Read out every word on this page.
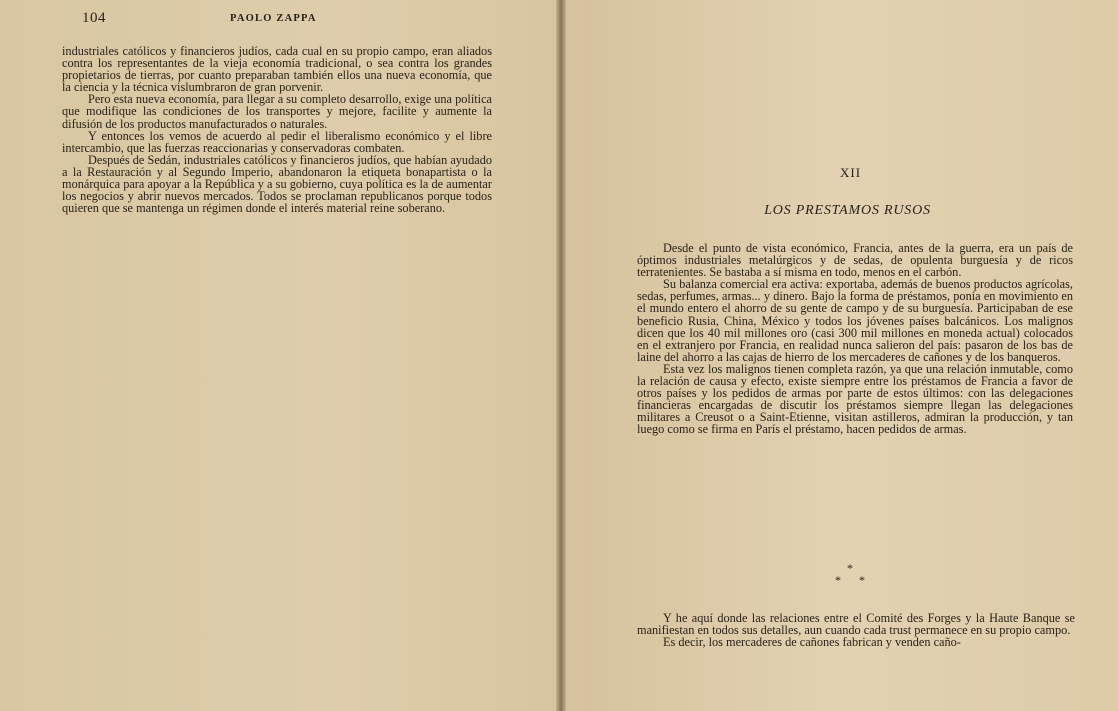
104	PAOLO ZAPPA

industriales católicos y financieros judíos, cada cual en su propio campo, eran aliados contra los representantes de la vieja economía tradicional, o sea contra los grandes propietarios de tierras, por cuanto preparaban también ellos una nueva economía, que la ciencia y la técnica vislumbraron de gran porvenir.

Pero esta nueva economía, para llegar a su completo desarrollo, exige una política que modifique las condiciones de los transportes y mejore, facilite y aumente la difusión de los productos manufacturados o naturales.

Y entonces los vemos de acuerdo al pedir el liberalismo económico y el libre intercambio, que las fuerzas reaccionarias y conservadoras combaten.

Después de Sedán, industriales católicos y financieros judíos, que habían ayudado a la Restauración y al Segundo Imperio, abandonaron la etiqueta bonapartista o la monárquica para apoyar a la República y a su gobierno, cuya política es la de aumentar los negocios y abrir nuevos mercados. Todos se proclaman republicanos porque todos quieren que se mantenga un régimen donde el interés material reine soberano.

XII
LOS PRESTAMOS RUSOS

Desde el punto de vista económico, Francia, antes de la guerra, era un país de óptimos industriales metalúrgicos y de sedas, de opulenta burguesía y de ricos terratenientes. Se bastaba a sí misma en todo, menos en el carbón.

Su balanza comercial era activa: exportaba, además de buenos productos agrícolas, sedas, perfumes, armas... y dinero. Bajo la forma de préstamos, ponía en movimiento en el mundo entero el ahorro de su gente de campo y de su burguesía. Participaban de ese beneficio Rusia, China, México y todos los jóvenes países balcánicos. Los malignos dicen que los 40 mil millones oro (casi 300 mil millones en moneda actual) colocados en el extranjero por Francia, en realidad nunca salieron del país: pasaron de los bas de laine del ahorro a las cajas de hierro de los mercaderes de cañones y de los banqueros.

Esta vez los malignos tienen completa razón, ya que una relación inmutable, como la relación de causa y efecto, existe siempre entre los préstamos de Francia a favor de otros países y los pedidos de armas por parte de estos últimos: con las delegaciones financieras encargadas de discutir los préstamos siempre llegan las delegaciones militares a Creusot o a Saint-Etienne, visitan astilleros, admiran la producción, y tan luego como se firma en París el préstamo, hacen pedidos de armas.

*
* *

Y he aquí donde las relaciones entre el Comité des Forges y la Haute Banque se manifiestan en todos sus detalles, aun cuando cada trust permanece en su propio campo.

Es decir, los mercaderes de cañones fabrican y venden caño-
